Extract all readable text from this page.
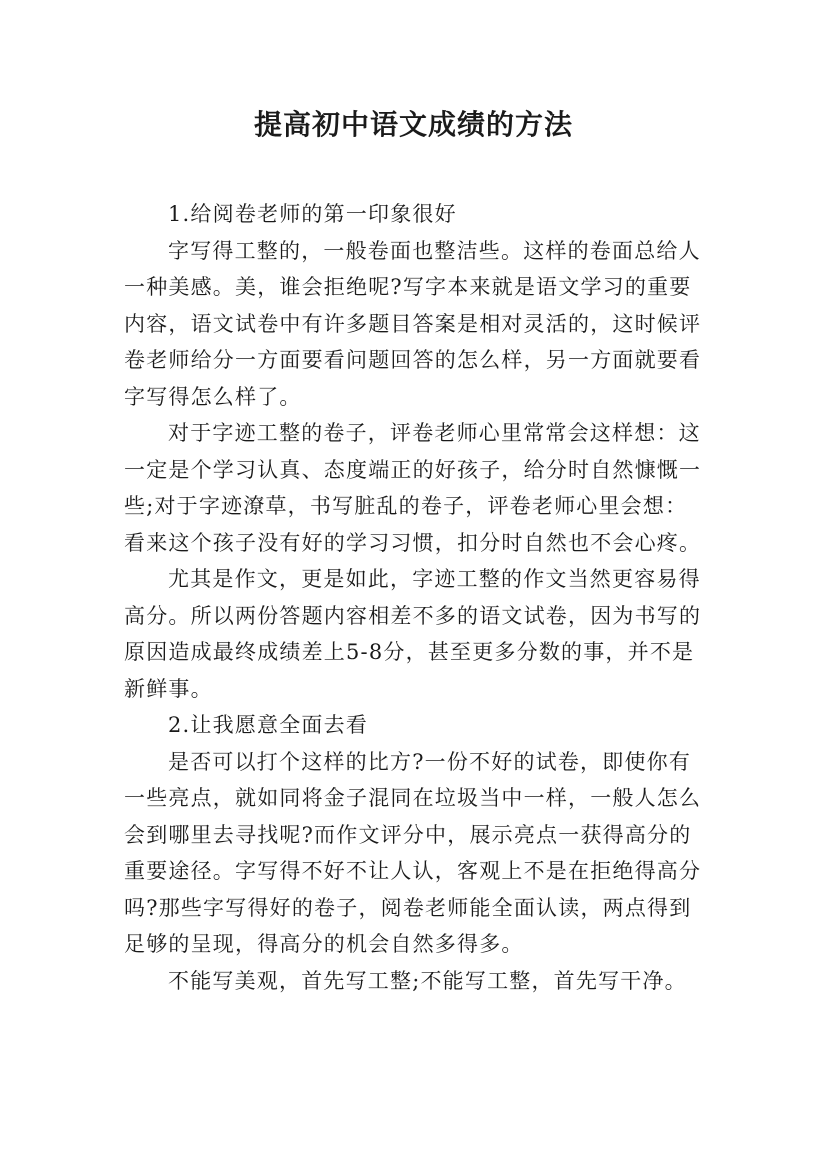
提高初中语文成绩的方法
1.给阅卷老师的第一印象很好
字写得工整的，一般卷面也整洁些。这样的卷面总给人
一种美感。美，谁会拒绝呢?写字本来就是语文学习的重要
内容，语文试卷中有许多题目答案是相对灵活的，这时候评
卷老师给分一方面要看问题回答的怎么样，另一方面就要看
字写得怎么样了。
对于字迹工整的卷子，评卷老师心里常常会这样想：这
一定是个学习认真、态度端正的好孩子，给分时自然慷慨一
些;对于字迹潦草，书写脏乱的卷子，评卷老师心里会想：
看来这个孩子没有好的学习习惯，扣分时自然也不会心疼。
尤其是作文，更是如此，字迹工整的作文当然更容易得
高分。所以两份答题内容相差不多的语文试卷，因为书写的
原因造成最终成绩差上5-8分，甚至更多分数的事，并不是
新鲜事。
2.让我愿意全面去看
是否可以打个这样的比方?一份不好的试卷，即使你有
一些亮点，就如同将金子混同在垃圾当中一样，一般人怎么
会到哪里去寻找呢?而作文评分中，展示亮点一获得高分的
重要途径。字写得不好不让人认，客观上不是在拒绝得高分
吗?那些字写得好的卷子，阅卷老师能全面认读，两点得到
足够的呈现，得高分的机会自然多得多。
不能写美观，首先写工整;不能写工整，首先写干净。
